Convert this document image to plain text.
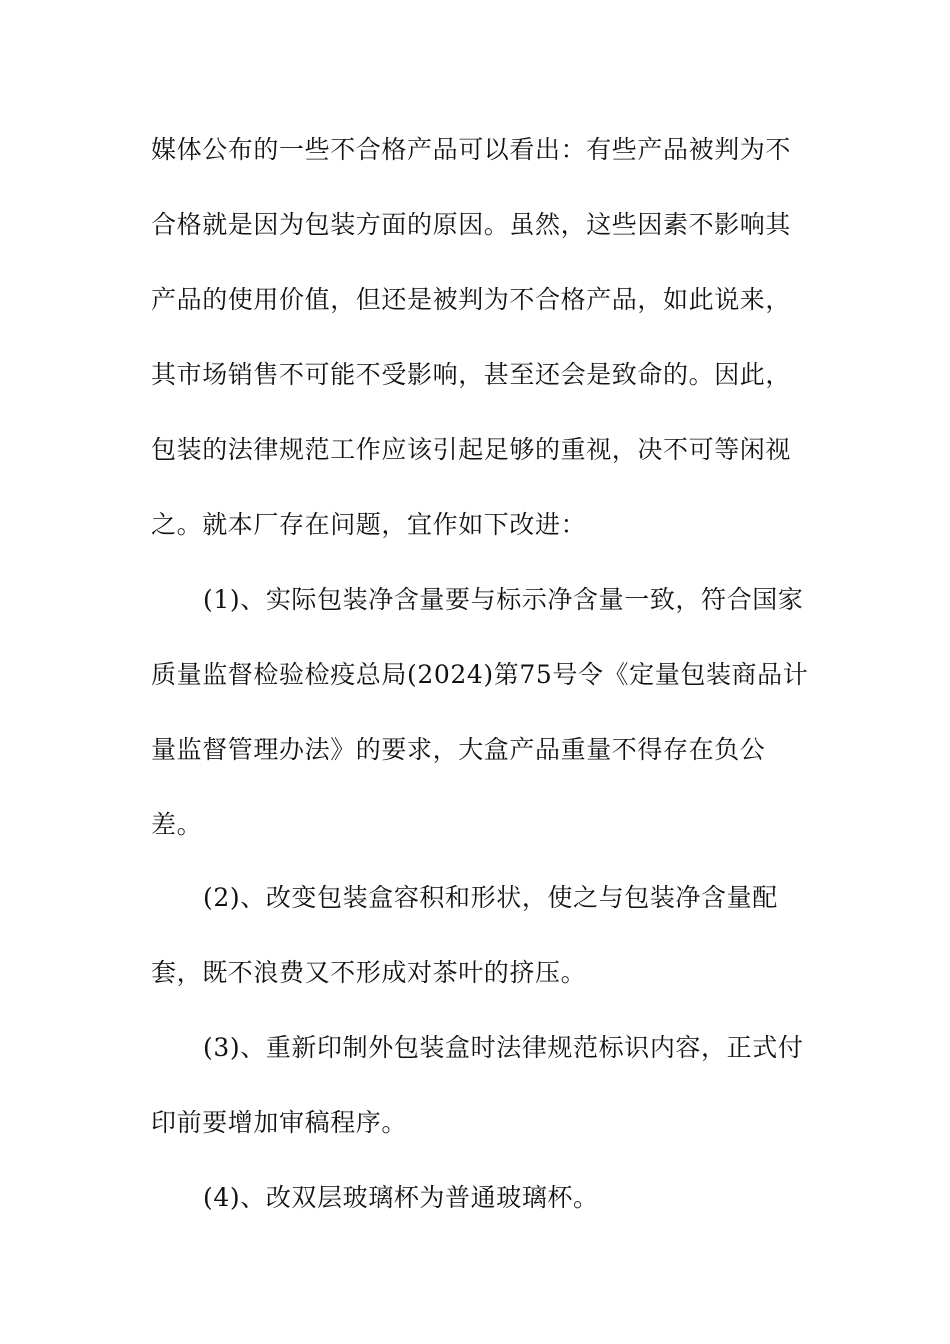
媒体公布的一些不合格产品可以看出：有些产品被判为不
合格就是因为包装方面的原因。虽然，这些因素不影响其
产品的使用价值，但还是被判为不合格产品，如此说来，
其市场销售不可能不受影响，甚至还会是致命的。因此，
包装的法律规范工作应该引起足够的重视，决不可等闲视
之。就本厂存在问题，宜作如下改进：
(1)、实际包装净含量要与标示净含量一致，符合国家
质量监督检验检疫总局(2024)第75号令《定量包装商品计
量监督管理办法》的要求，大盒产品重量不得存在负公
差。
(2)、改变包装盒容积和形状，使之与包装净含量配
套，既不浪费又不形成对茶叶的挤压。
(3)、重新印制外包装盒时法律规范标识内容，正式付
印前要增加审稿程序。
(4)、改双层玻璃杯为普通玻璃杯。
